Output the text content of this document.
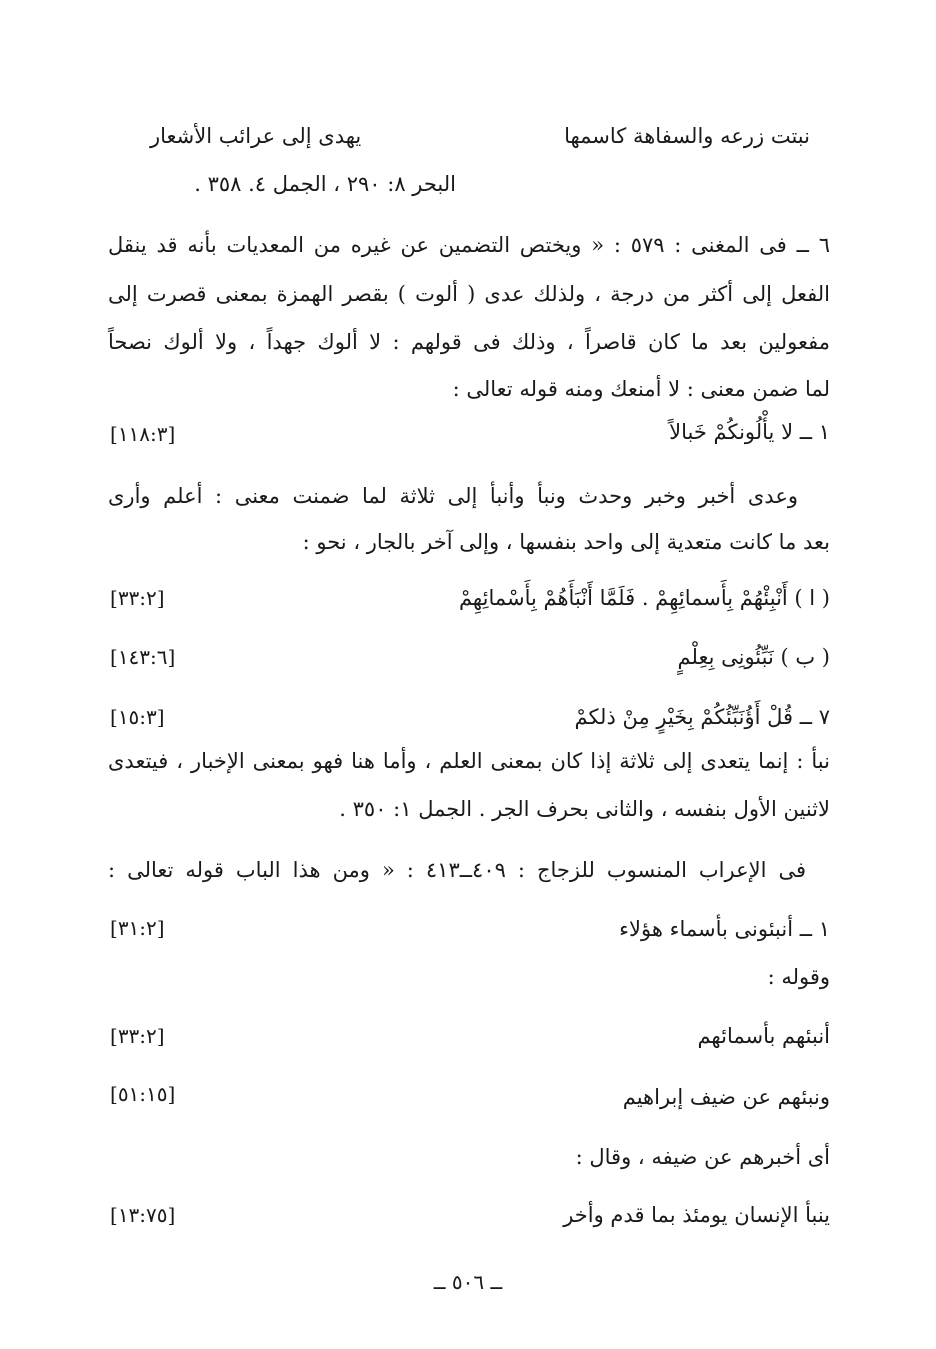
نبتت زرعه والسفاهة كاسمها
يهدى إلى عرائب الأشعار
البحر ٨: ٢٩٠ ، الجمل ٤. ٣٥٨ .
٦ ــ فى المغنى : ٥٧٩ : « ويختص التضمين عن غيره من المعديات بأنه قد ينقل
الفعل إلى أكثر من درجة ، ولذلك عدى ( ألوت ) بقصر الهمزة بمعنى قصرت إلى
مفعولين بعد ما كان قاصراً ، وذلك فى قولهم : لا ألوك جهداً ، ولا ألوك نصحاً
لما ضمن معنى : لا أمنعك ومنه قوله تعالى :
١ ــ لا يأْلُونكُمْ خَبالاً
[١١٨:٣]
وعدى أخبر وخبر وحدث ونبأ وأنبأ إلى ثلاثة لما ضمنت معنى : أعلم وأرى
بعد ما كانت متعدية إلى واحد بنفسها ، وإلى آخر بالجار ، نحو :
( ا ) أَنْبِئْهُمْ بِأَسمائِهِمْ . فَلَمَّا أَنْبَأَهُمْ بِأَسْمائِهِمْ
[٣٣:٢]
( ب ) نَبِّئُونِى بِعِلْمٍ
[١٤٣:٦]
٧ ــ قُلْ أَؤُنَبِّئُكُمْ بِخَيْرٍ مِنْ ذلكمْ
[١٥:٣]
نبأ : إنما يتعدى إلى ثلاثة إذا كان بمعنى العلم ، وأما هنا فهو بمعنى الإخبار ، فيتعدى
لاثنين الأول بنفسه ، والثانى بحرف الجر . الجمل ١: ٣٥٠ .
فى الإعراب المنسوب للزجاج : ٤٠٩ــ٤١٣ : « ومن هذا الباب قوله تعالى :
١ ــ أنبئونى بأسماء هؤلاء
[٣١:٢]
وقوله :
أنبئهم بأسمائهم
[٣٣:٢]
ونبئهم عن ضيف إبراهيم
[٥١:١٥]
أى أخبرهم عن ضيفه ، وقال :
ينبأ الإنسان يومئذ بما قدم وأخر
[١٣:٧٥]
ــ ٥٠٦ ــ
